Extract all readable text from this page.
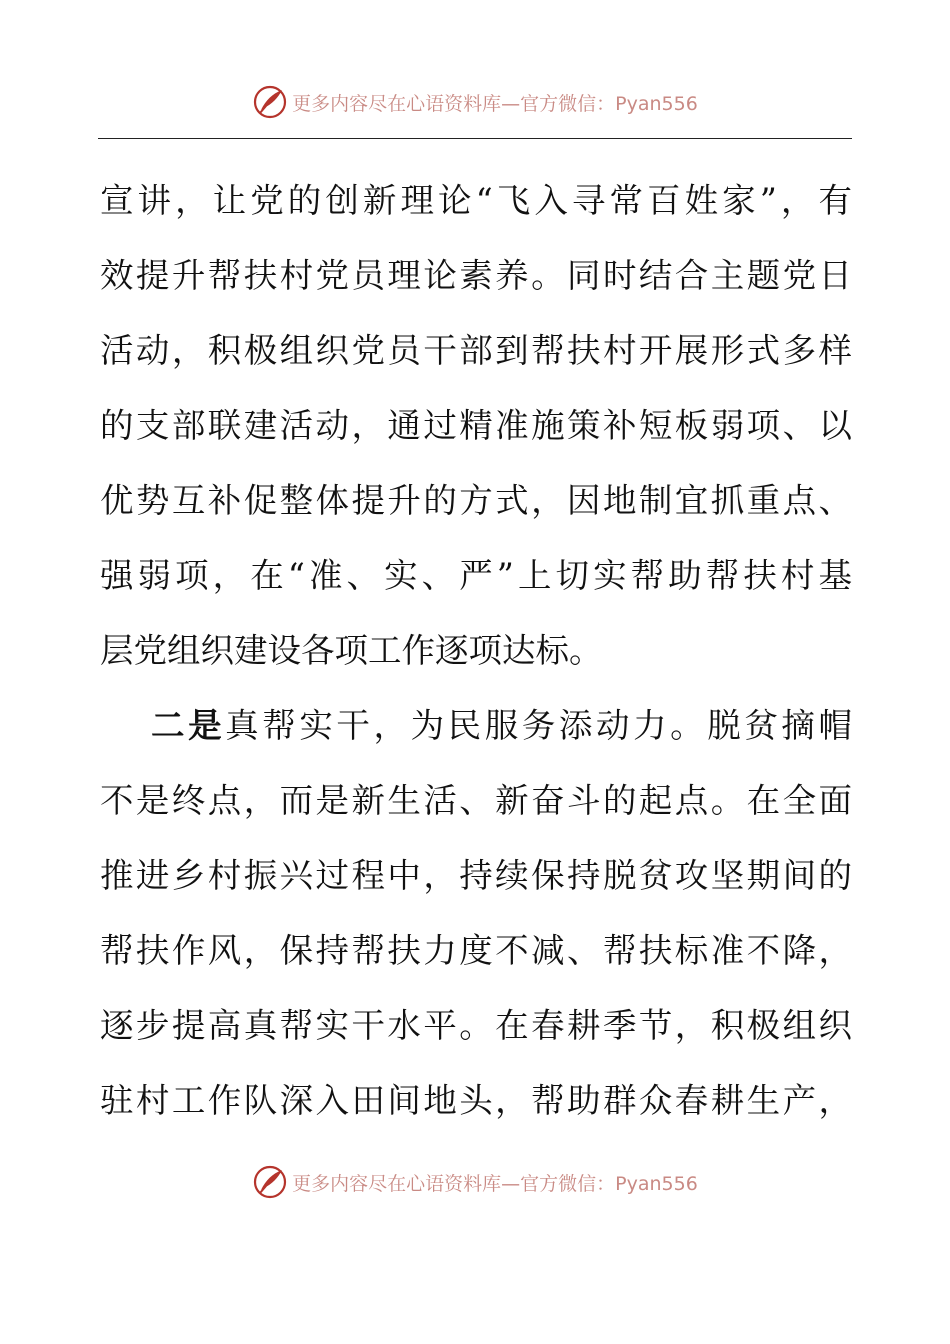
更多内容尽在心语资料库—官方微信：Pyan556
宣讲，让党的创新理论“飞入寻常百姓家”，有
效提升帮扶村党员理论素养。同时结合主题党日
活动，积极组织党员干部到帮扶村开展形式多样
的支部联建活动，通过精准施策补短板弱项、以
优势互补促整体提升的方式，因地制宜抓重点、
强弱项，在“准、实、严”上切实帮助帮扶村基
层党组织建设各项工作逐项达标。
二是真帮实干，为民服务添动力。脱贫摘帽
不是终点，而是新生活、新奋斗的起点。在全面
推进乡村振兴过程中，持续保持脱贫攻坚期间的
帮扶作风，保持帮扶力度不减、帮扶标准不降，
逐步提高真帮实干水平。在春耕季节，积极组织
驻村工作队深入田间地头，帮助群众春耕生产，
更多内容尽在心语资料库—官方微信：Pyan556
